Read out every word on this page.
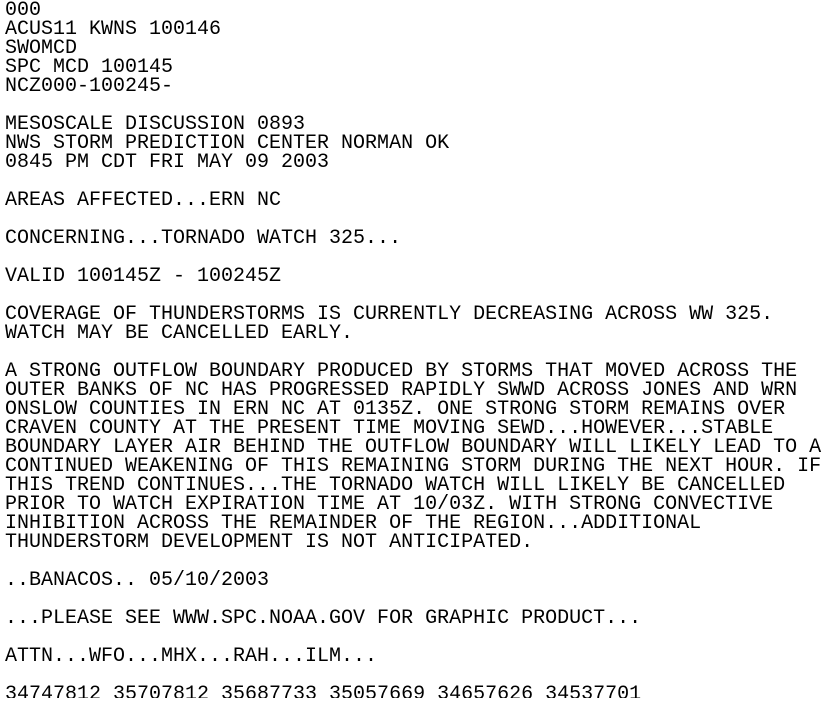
000
ACUS11 KWNS 100146
SWOMCD
SPC MCD 100145
NCZ000-100245-
MESOSCALE DISCUSSION 0893
NWS STORM PREDICTION CENTER NORMAN OK
0845 PM CDT FRI MAY 09 2003
AREAS AFFECTED...ERN NC
CONCERNING...TORNADO WATCH 325...
VALID 100145Z - 100245Z
COVERAGE OF THUNDERSTORMS IS CURRENTLY DECREASING ACROSS WW 325.
WATCH MAY BE CANCELLED EARLY.
A STRONG OUTFLOW BOUNDARY PRODUCED BY STORMS THAT MOVED ACROSS THE
OUTER BANKS OF NC HAS PROGRESSED RAPIDLY SWWD ACROSS JONES AND WRN
ONSLOW COUNTIES IN ERN NC AT 0135Z. ONE STRONG STORM REMAINS OVER
CRAVEN COUNTY AT THE PRESENT TIME MOVING SEWD...HOWEVER...STABLE
BOUNDARY LAYER AIR BEHIND THE OUTFLOW BOUNDARY WILL LIKELY LEAD TO A
CONTINUED WEAKENING OF THIS REMAINING STORM DURING THE NEXT HOUR. IF
THIS TREND CONTINUES...THE TORNADO WATCH WILL LIKELY BE CANCELLED
PRIOR TO WATCH EXPIRATION TIME AT 10/03Z. WITH STRONG CONVECTIVE
INHIBITION ACROSS THE REMAINDER OF THE REGION...ADDITIONAL
THUNDERSTORM DEVELOPMENT IS NOT ANTICIPATED.
..BANACOS.. 05/10/2003
...PLEASE SEE WWW.SPC.NOAA.GOV FOR GRAPHIC PRODUCT...
ATTN...WFO...MHX...RAH...ILM...
34747812 35707812 35687733 35057669 34657626 34537701
